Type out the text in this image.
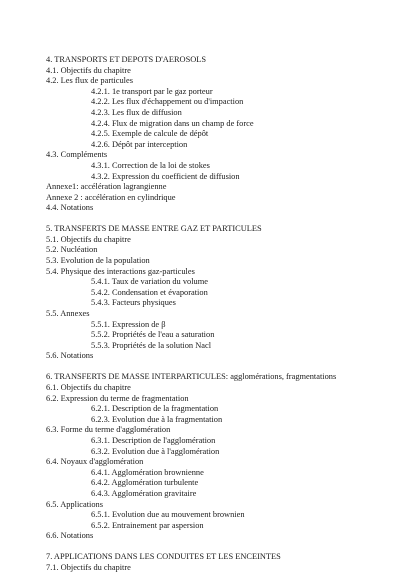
4. TRANSPORTS ET DEPOTS D'AEROSOLS
4.1. Objectifs du chapitre
4.2. Les flux de particules
4.2.1. 1e transport par le gaz porteur
4.2.2. Les flux d'échappement ou d'impaction
4.2.3. Les flux de diffusion
4.2.4. Flux de migration dans un champ de force
4.2.5. Exemple de calcule de dépôt
4.2.6. Dépôt par interception
4.3. Compléments
4.3.1. Correction de la loi de stokes
4.3.2. Expression du coefficient de diffusion
Annexe1: accélération lagrangienne
Annexe 2 : accélération en cylindrique
4.4. Notations
5. TRANSFERTS DE MASSE ENTRE GAZ ET PARTICULES
5.1. Objectifs du chapitre
5.2. Nucléation
5.3. Evolution de la population
5.4. Physique des interactions gaz-particules
5.4.1. Taux de variation du volume
5.4.2. Condensation et évaporation
5.4.3. Facteurs physiques
5.5. Annexes
5.5.1. Expression de β
5.5.2. Propriétés de l'eau a saturation
5.5.3. Propriétés de la solution Nacl
5.6. Notations
6. TRANSFERTS DE MASSE INTERPARTICULES: agglomérations, fragmentations
6.1. Objectifs du chapitre
6.2. Expression du terme de fragmentation
6.2.1. Description de la fragmentation
6.2.3. Evolution due à la fragmentation
6.3. Forme du terme d'agglomération
6.3.1. Description de l'agglomération
6.3.2. Evolution due à l'agglomération
6.4. Noyaux d'agglomération
6.4.1. Agglomération brownienne
6.4.2. Agglomération turbulente
6.4.3. Agglomération gravitaire
6.5. Applications
6.5.1. Evolution due au mouvement brownien
6.5.2. Entrainement par aspersion
6.6. Notations
7. APPLICATIONS DANS LES CONDUITES ET LES ENCEINTES
7.1. Objectifs du chapitre
